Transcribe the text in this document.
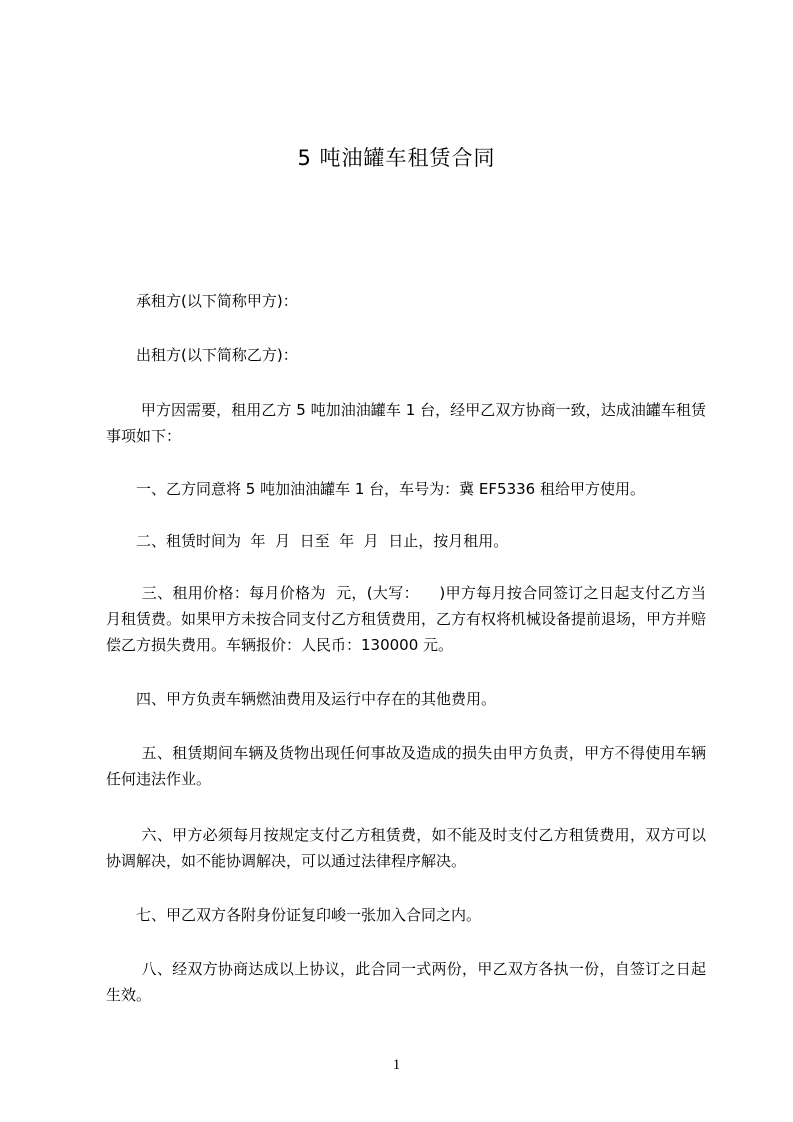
5 吨油罐车租赁合同

　　承租方(以下简称甲方)：

　　出租方(以下简称乙方)：

　　 甲方因需要，租用乙方 5 吨加油油罐车 1 台，经甲乙双方协商一致，达成油罐车租赁事项如下：

　　一、乙方同意将 5 吨加油油罐车 1 台，车号为：冀 EF5336 租给甲方使用。

　　二、租赁时间为  年  月  日至  年  月  日止，按月租用。

　　 三、租用价格：每月价格为  元，(大写：    )甲方每月按合同签订之日起支付乙方当月租赁费。如果甲方未按合同支付乙方租赁费用，乙方有权将机械设备提前退场，甲方并赔偿乙方损失费用。车辆报价：人民币：130000 元。

　　四、甲方负责车辆燃油费用及运行中存在的其他费用。

　　 五、租赁期间车辆及货物出现任何事故及造成的损失由甲方负责，甲方不得使用车辆任何违法作业。

　　 六、甲方必须每月按规定支付乙方租赁费，如不能及时支付乙方租赁费用，双方可以协调解决，如不能协调解决，可以通过法律程序解决。

　　七、甲乙双方各附身份证复印峻一张加入合同之内。

　　 八、经双方协商达成以上协议，此合同一式两份，甲乙双方各执一份，自签订之日起生效。

1
